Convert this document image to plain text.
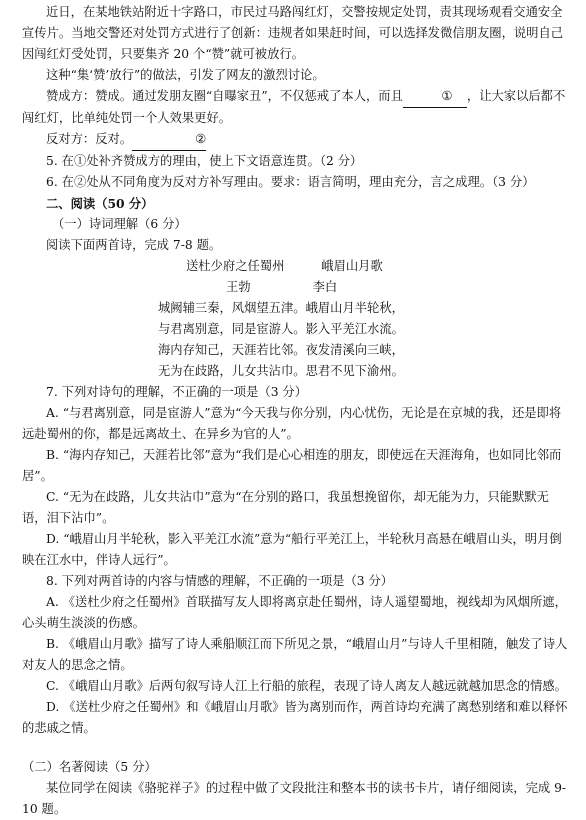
近日，在某地铁站附近十字路口，市民过马路闯红灯，交警按规定处罚，责其现场观看交通安全宣传片。当地交警还对处罚方式进行了创新：违规者如果赶时间，可以选择发微信朋友圈，说明自己因闯红灯受处罚，只要集齐 20 个“赞”就可被放行。

这种“集‘赞’放行”的做法，引发了网友的激烈讨论。

赞成方：赞成。通过发朋友圈“自曝家丑”，不仅惩戒了本人，而且	① ，让大家以后都不闯红灯，比单纯处罚一个人效果更好。

反对方：反对。	②

5. 在①处补齐赞成方的理由，使上下文语意连贯。（2 分）

6. 在②处从不同角度为反对方补写理由。要求：语言简明，理由充分，言之成理。（3 分）

二、阅读（50 分）

（一）诗词理解（6 分）

阅读下面两首诗，完成 7-8 题。

送杜少府之任蜀州　　　峨眉山月歌

王勃	李白

城阙辅三秦，风烟望五津。峨眉山月半轮秋，

与君离别意，同是宦游人。影入平羌江水流。

海内存知己，天涯若比邻。夜发清溪向三峡，

无为在歧路，儿女共沾巾。思君不见下渝州。

7. 下列对诗句的理解，不正确的一项是（3 分）

A. “与君离别意，同是宦游人”意为“今天我与你分别，内心忧伤，无论是在京城的我，还是即将远赴蜀州的你，都是远离故土、在异乡为官的人”。

B. “海内存知己，天涯若比邻”意为“我们是心心相连的朋友，即使远在天涯海角，也如同比邻而居”。

C. “无为在歧路，儿女共沾巾”意为“在分别的路口，我虽想挽留你，却无能为力，只能默默无语，泪下沾巾”。

D. “峨眉山月半轮秋，影入平羌江水流”意为“船行平羌江上，半轮秋月高悬在峨眉山头，明月倒映在江水中，伴诗人远行”。

8. 下列对两首诗的内容与情感的理解，不正确的一项是（3 分）

A. 《送杜少府之任蜀州》首联描写友人即将离京赴任蜀州，诗人遥望蜀地，视线却为风烟所遮，心头萌生淡淡的伤感。

B. 《峨眉山月歌》描写了诗人乘船顺江而下所见之景，“峨眉山月”与诗人千里相随，触发了诗人对友人的思念之情。

C. 《峨眉山月歌》后两句叙写诗人江上行船的旅程，表现了诗人离友人越远就越加思念的情感。

D. 《送杜少府之任蜀州》和《峨眉山月歌》皆为离别而作，两首诗均充满了离愁别绪和难以释怀的悲戚之情。

（二）名著阅读（5 分）

某位同学在阅读《骆驼祥子》的过程中做了文段批注和整本书的读书卡片，请仔细阅读，完成 9-10 题。
